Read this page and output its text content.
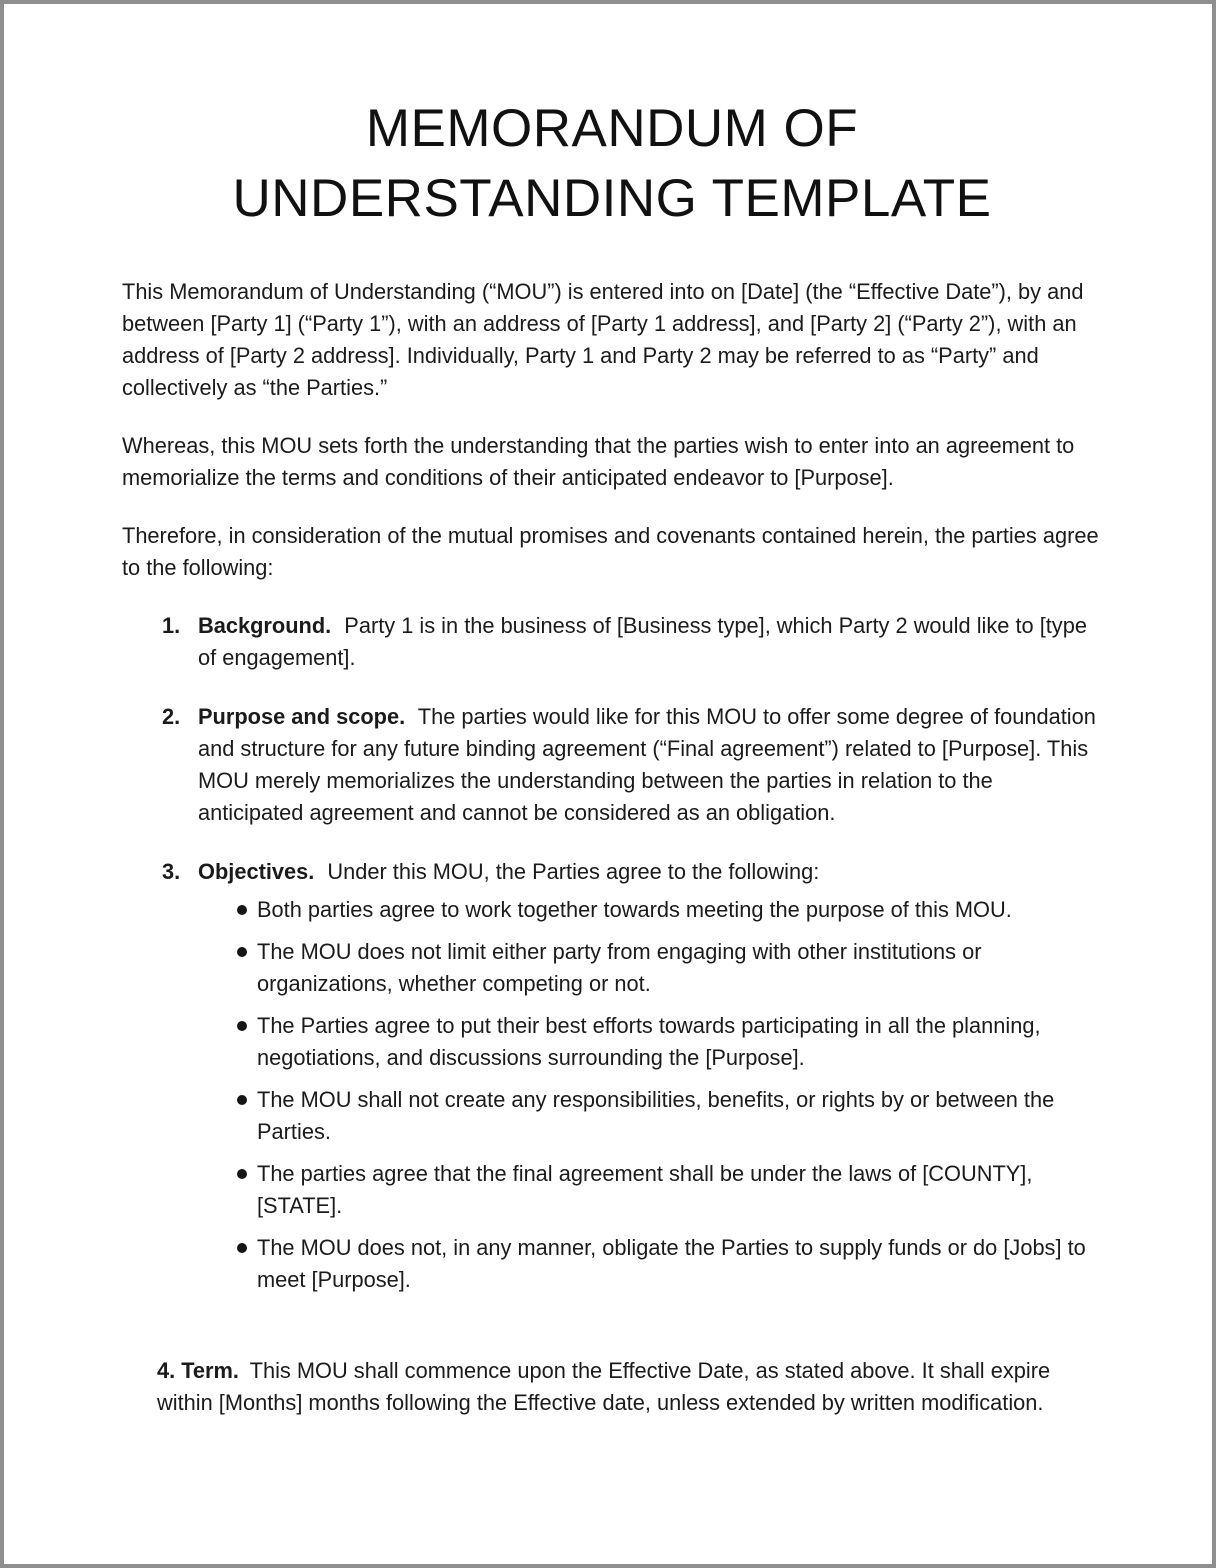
MEMORANDUM OF
UNDERSTANDING TEMPLATE

This Memorandum of Understanding (“MOU”) is entered into on [Date] (the “Effective Date”), by and between [Party 1] (“Party 1”), with an address of [Party 1 address], and [Party 2] (“Party 2”), with an address of [Party 2 address]. Individually, Party 1 and Party 2 may be referred to as “Party” and collectively as “the Parties.”

Whereas, this MOU sets forth the understanding that the parties wish to enter into an agreement to memorialize the terms and conditions of their anticipated endeavor to [Purpose].

Therefore, in consideration of the mutual promises and covenants contained herein, the parties agree to the following:

1. Background. Party 1 is in the business of [Business type], which Party 2 would like to [type of engagement].
2. Purpose and scope. The parties would like for this MOU to offer some degree of foundation and structure for any future binding agreement (“Final agreement”) related to [Purpose]. This MOU merely memorializes the understanding between the parties in relation to the anticipated agreement and cannot be considered as an obligation.
3. Objectives. Under this MOU, the Parties agree to the following:
Both parties agree to work together towards meeting the purpose of this MOU.
The MOU does not limit either party from engaging with other institutions or organizations, whether competing or not.
The Parties agree to put their best efforts towards participating in all the planning, negotiations, and discussions surrounding the [Purpose].
The MOU shall not create any responsibilities, benefits, or rights by or between the Parties.
The parties agree that the final agreement shall be under the laws of [COUNTY], [STATE].
The MOU does not, in any manner, obligate the Parties to supply funds or do [Jobs] to meet [Purpose].

4. Term. This MOU shall commence upon the Effective Date, as stated above. It shall expire within [Months] months following the Effective date, unless extended by written modification.
